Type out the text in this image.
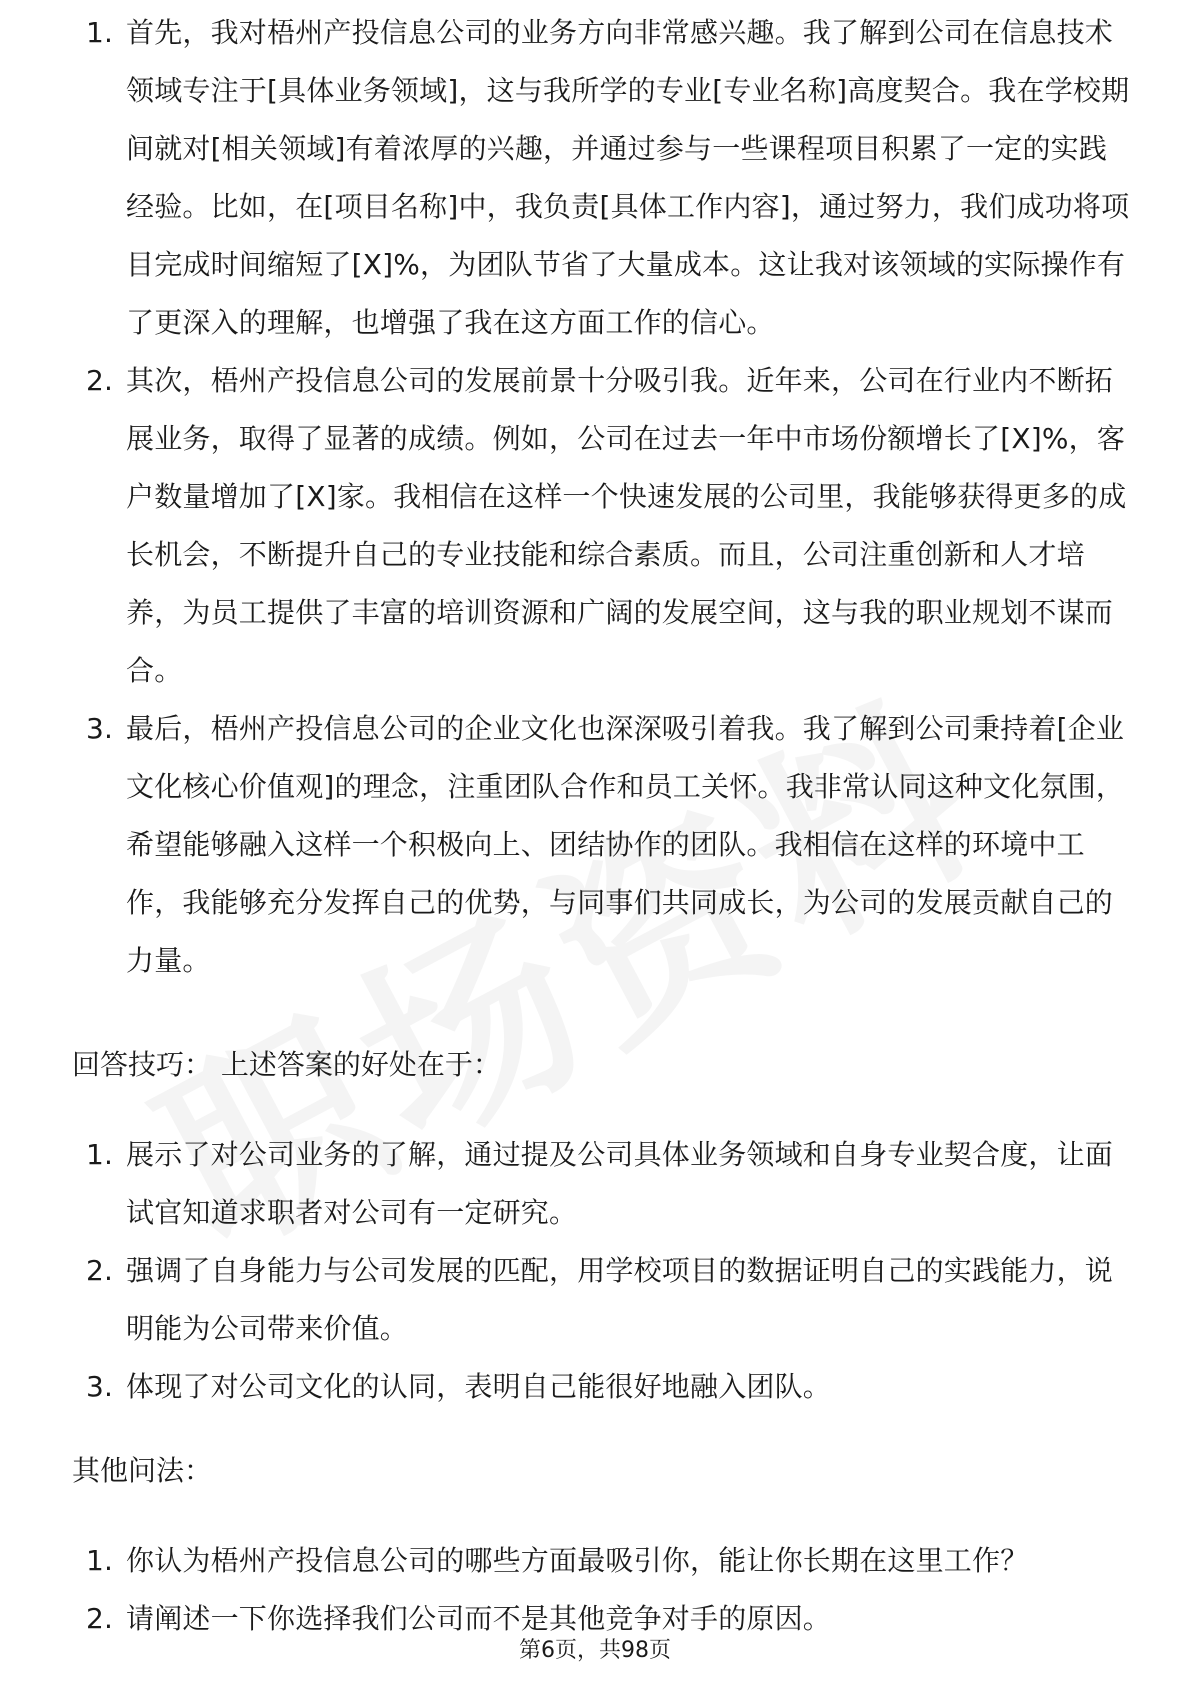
1. 首先，我对梧州产投信息公司的业务方向非常感兴趣。我了解到公司在信息技术领域专注于[具体业务领域]，这与我所学的专业[专业名称]高度契合。我在学校期间就对[相关领域]有着浓厚的兴趣，并通过参与一些课程项目积累了一定的实践经验。比如，在[项目名称]中，我负责[具体工作内容]，通过努力，我们成功将项目完成时间缩短了[X]%，为团队节省了大量成本。这让我对该领域的实际操作有了更深入的理解，也增强了我在这方面工作的信心。
2. 其次，梧州产投信息公司的发展前景十分吸引我。近年来，公司在行业内不断拓展业务，取得了显著的成绩。例如，公司在过去一年中市场份额增长了[X]%，客户数量增加了[X]家。我相信在这样一个快速发展的公司里，我能够获得更多的成长机会，不断提升自己的专业技能和综合素质。而且，公司注重创新和人才培养，为员工提供了丰富的培训资源和广阔的发展空间，这与我的职业规划不谋而合。
3. 最后，梧州产投信息公司的企业文化也深深吸引着我。我了解到公司秉持着[企业文化核心价值观]的理念，注重团队合作和员工关怀。我非常认同这种文化氛围，希望能够融入这样一个积极向上、团结协作的团队。我相信在这样的环境中工作，我能够充分发挥自己的优势，与同事们共同成长，为公司的发展贡献自己的力量。
回答技巧： 上述答案的好处在于：
1. 展示了对公司业务的了解，通过提及公司具体业务领域和自身专业契合度，让面试官知道求职者对公司有一定研究。
2. 强调了自身能力与公司发展的匹配，用学校项目的数据证明自己的实践能力，说明能为公司带来价值。
3. 体现了对公司文化的认同，表明自己能很好地融入团队。
其他问法：
1. 你认为梧州产投信息公司的哪些方面最吸引你，能让你长期在这里工作？
2. 请阐述一下你选择我们公司而不是其他竞争对手的原因。
第6页，共98页
